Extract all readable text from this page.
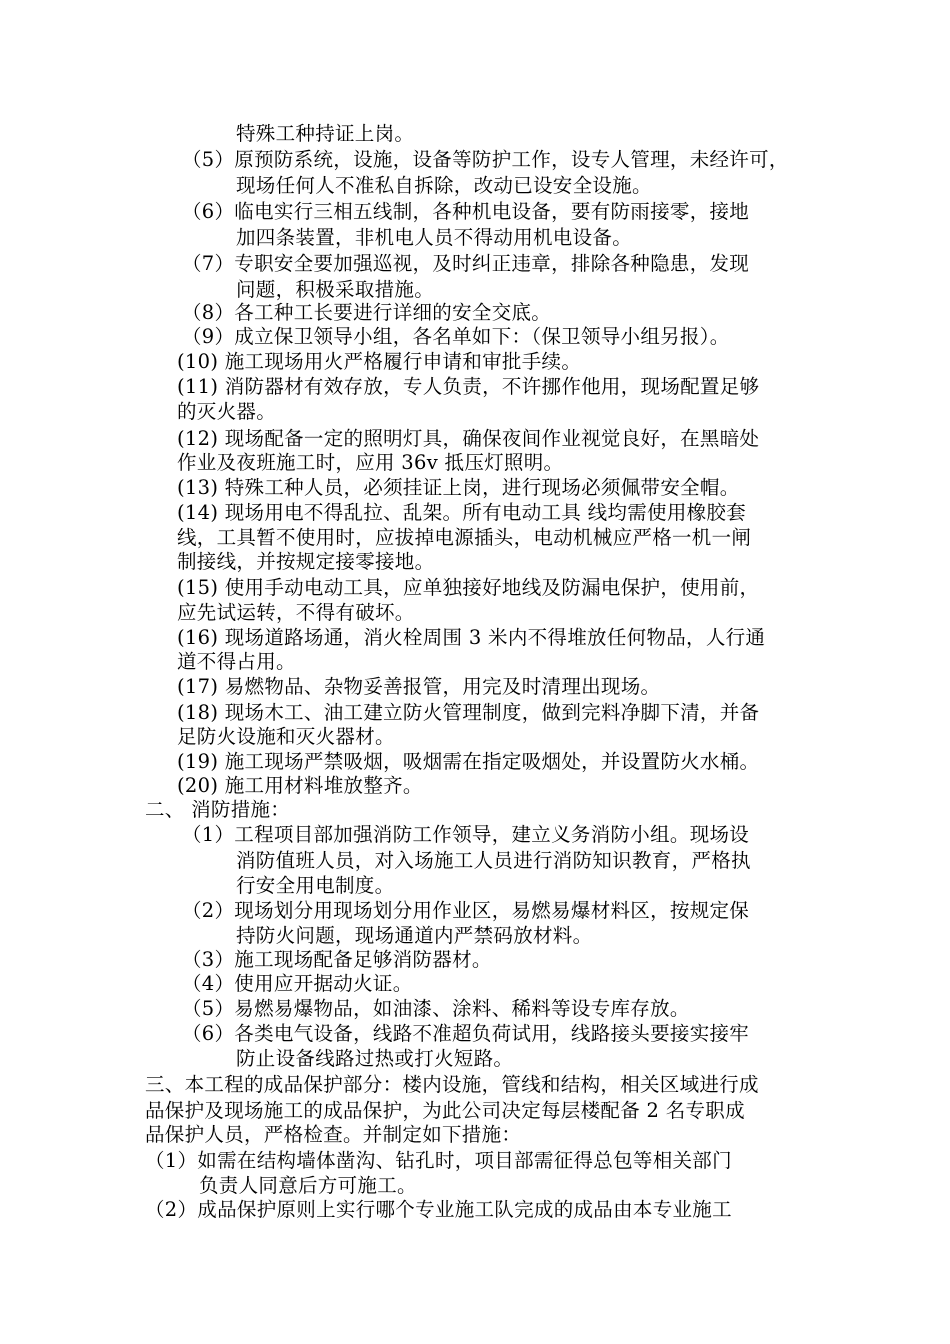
特殊工种持证上岗。
（5）原预防系统，设施，设备等防护工作，设专人管理，未经许可，
现场任何人不准私自拆除，改动已设安全设施。
（6）临电实行三相五线制，各种机电设备，要有防雨接零，接地
加四条装置，非机电人员不得动用机电设备。
（7）专职安全要加强巡视，及时纠正违章，排除各种隐患，发现
问题，积极采取措施。
（8）各工种工长要进行详细的安全交底。
（9）成立保卫领导小组，各名单如下：（保卫领导小组另报）。
(10) 施工现场用火严格履行申请和审批手续。
(11) 消防器材有效存放，专人负责，不许挪作他用，现场配置足够
的灭火器。
(12) 现场配备一定的照明灯具，确保夜间作业视觉良好，在黑暗处
作业及夜班施工时，应用 36v 抵压灯照明。
(13) 特殊工种人员，必须挂证上岗，进行现场必须佩带安全帽。
(14) 现场用电不得乱拉、乱架。所有电动工具 线均需使用橡胶套
线，工具暂不使用时，应拔掉电源插头，电动机械应严格一机一闸
制接线，并按规定接零接地。
(15) 使用手动电动工具，应单独接好地线及防漏电保护，使用前，
应先试运转，不得有破坏。
(16) 现场道路场通，消火栓周围 3 米内不得堆放任何物品，人行通
道不得占用。
(17) 易燃物品、杂物妥善报管，用完及时清理出现场。
(18) 现场木工、油工建立防火管理制度，做到完料净脚下清，并备
足防火设施和灭火器材。
(19) 施工现场严禁吸烟，吸烟需在指定吸烟处，并设置防火水桶。
(20) 施工用材料堆放整齐。
二、 消防措施：
（1）工程项目部加强消防工作领导，建立义务消防小组。现场设
消防值班人员，对入场施工人员进行消防知识教育，严格执
行安全用电制度。
（2）现场划分用现场划分用作业区，易燃易爆材料区，按规定保
持防火问题，现场通道内严禁码放材料。
（3）施工现场配备足够消防器材。
（4）使用应开据动火证。
（5）易燃易爆物品，如油漆、涂料、稀料等设专库存放。
（6）各类电气设备，线路不准超负荷试用，线路接头要接实接牢
防止设备线路过热或打火短路。
三、本工程的成品保护部分：楼内设施，管线和结构，相关区域进行成
品保护及现场施工的成品保护，为此公司决定每层楼配备 2 名专职成
品保护人员，严格检查。并制定如下措施：
（1）如需在结构墙体凿沟、钻孔时，项目部需征得总包等相关部门
负责人同意后方可施工。
（2）成品保护原则上实行哪个专业施工队完成的成品由本专业施工
